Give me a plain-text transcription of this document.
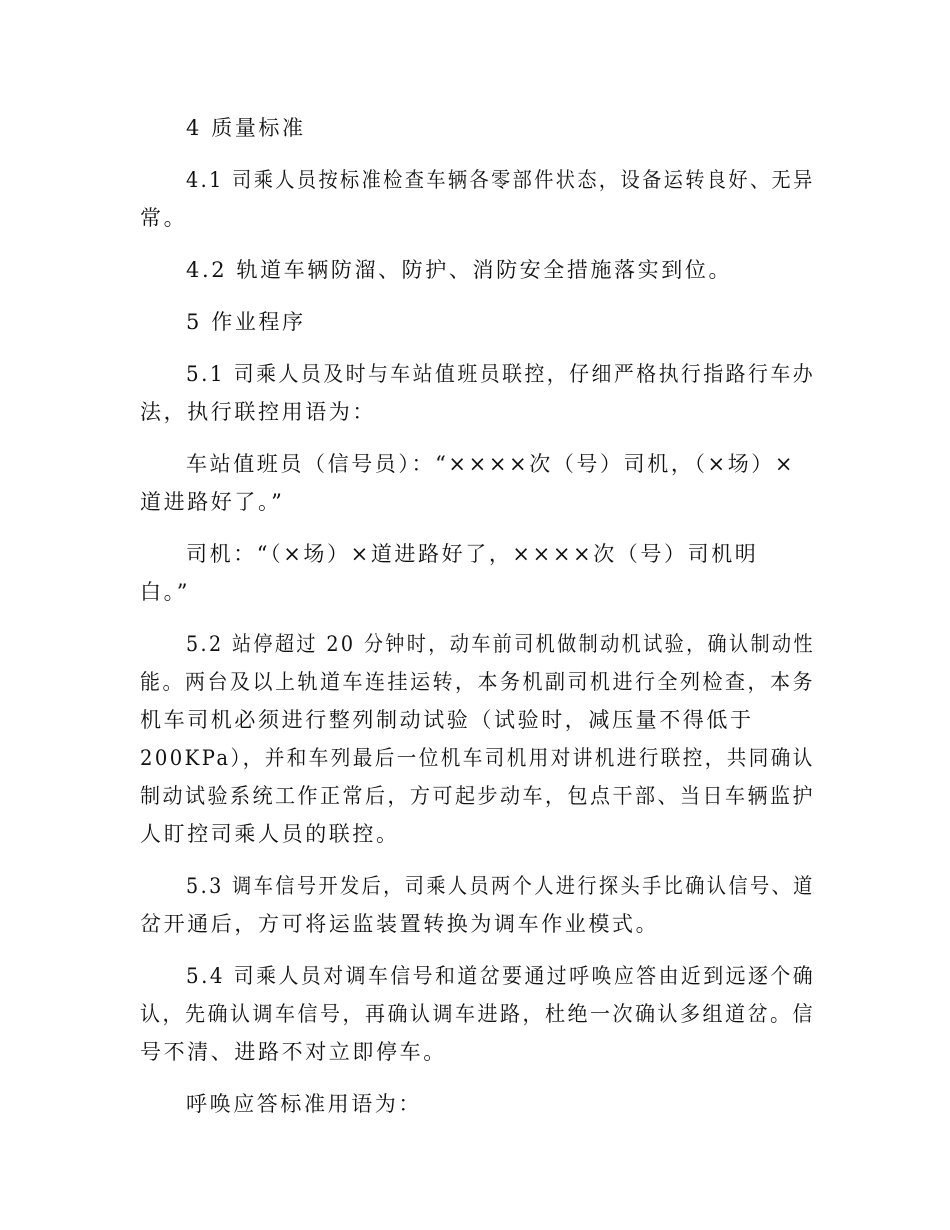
4 质量标准

4.1 司乘人员按标准检查车辆各零部件状态，设备运转良好、无异

常。

4.2 轨道车辆防溜、防护、消防安全措施落实到位。

5 作业程序

5.1 司乘人员及时与车站值班员联控，仔细严格执行指路行车办

法，执行联控用语为：

车站值班员（信号员）：“××××次（号）司机，（×场）×

道进路好了。”

司机：“（×场）×道进路好了，××××次（号）司机明

白。”

5.2 站停超过 20 分钟时，动车前司机做制动机试验，确认制动性

能。两台及以上轨道车连挂运转，本务机副司机进行全列检查，本务

机车司机必须进行整列制动试验（试验时，减压量不得低于

200KPa），并和车列最后一位机车司机用对讲机进行联控，共同确认

制动试验系统工作正常后，方可起步动车，包点干部、当日车辆监护

人盯控司乘人员的联控。

5.3 调车信号开发后，司乘人员两个人进行探头手比确认信号、道

岔开通后，方可将运监装置转换为调车作业模式。

5.4 司乘人员对调车信号和道岔要通过呼唤应答由近到远逐个确

认，先确认调车信号，再确认调车进路，杜绝一次确认多组道岔。信

号不清、进路不对立即停车。

呼唤应答标准用语为：
